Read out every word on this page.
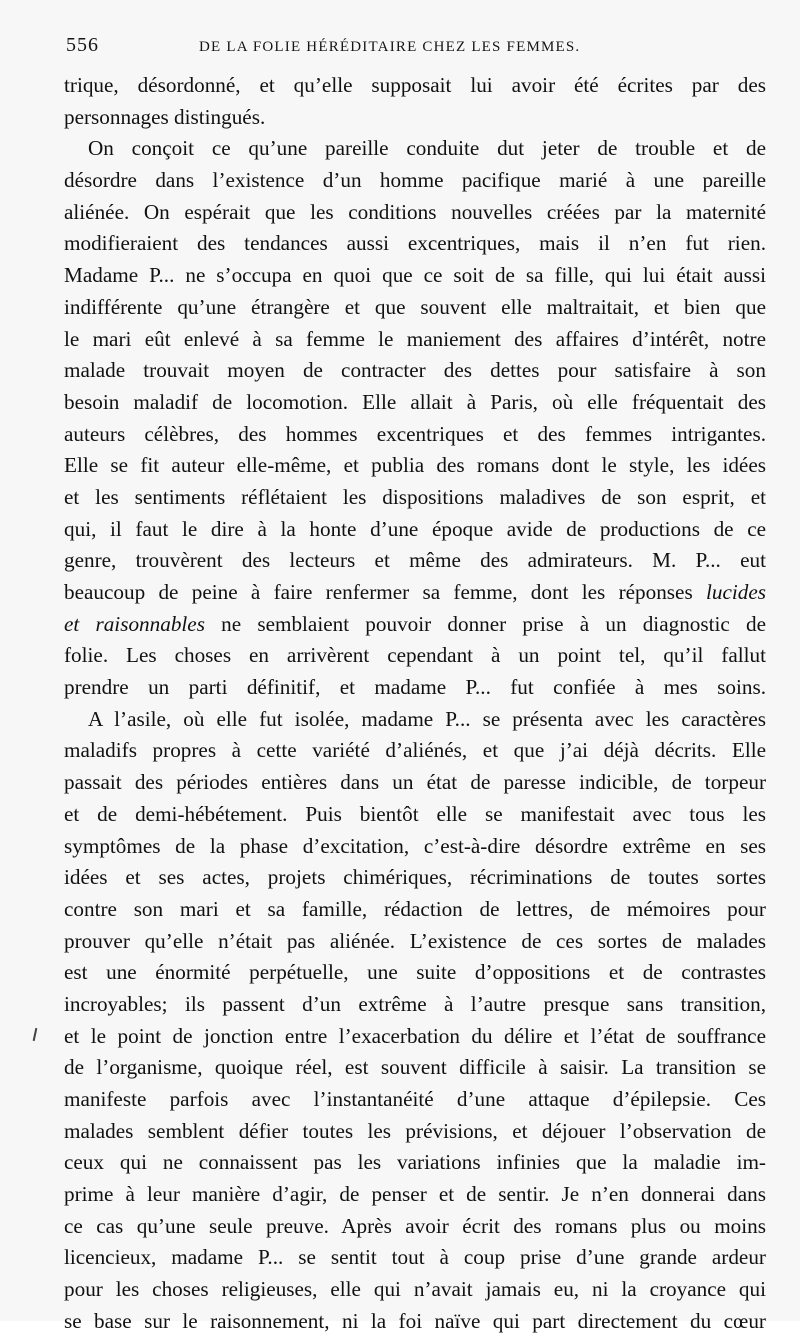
556	DE LA FOLIE HÉRÉDITAIRE CHEZ LES FEMMES.
trique, désordonné, et qu’elle supposait lui avoir été écrites par des
personnages distingués.
On conçoit ce qu’une pareille conduite dut jeter de trouble et de
désordre dans l’existence d’un homme pacifique marié à une pareille
aliénée. On espérait que les conditions nouvelles créées par la maternité
modifieraient des tendances aussi excentriques, mais il n’en fut rien.
Madame P... ne s’occupa en quoi que ce soit de sa fille, qui lui était aussi
indifférente qu’une étrangère et que souvent elle maltraitait, et bien que
le mari eût enlevé à sa femme le maniement des affaires d’intérêt, notre
malade trouvait moyen de contracter des dettes pour satisfaire à son
besoin maladif de locomotion. Elle allait à Paris, où elle fréquentait des
auteurs célèbres, des hommes excentriques et des femmes intrigantes.
Elle se fit auteur elle-même, et publia des romans dont le style, les idées
et les sentiments réflétaient les dispositions maladives de son esprit, et
qui, il faut le dire à la honte d’une époque avide de productions de ce
genre, trouvèrent des lecteurs et même des admirateurs. M. P... eut
beaucoup de peine à faire renfermer sa femme, dont les réponses lucides
et raisonnables ne semblaient pouvoir donner prise à un diagnostic de
folie. Les choses en arrivèrent cependant à un point tel, qu’il fallut
prendre un parti définitif, et madame P... fut confiée à mes soins.
A l’asile, où elle fut isolée, madame P... se présenta avec les caractères
maladifs propres à cette variété d’aliénés, et que j’ai déjà décrits. Elle
passait des périodes entières dans un état de paresse indicible, de torpeur
et de demi-hébétement. Puis bientôt elle se manifestait avec tous les
symptômes de la phase d’excitation, c’est-à-dire désordre extrême en ses
idées et ses actes, projets chimériques, récriminations de toutes sortes
contre son mari et sa famille, rédaction de lettres, de mémoires pour
prouver qu’elle n’était pas aliénée. L’existence de ces sortes de malades
est une énormité perpétuelle, une suite d’oppositions et de contrastes
incroyables; ils passent d’un extrême à l’autre presque sans transition,
et le point de jonction entre l’exacerbation du délire et l’état de souffrance
de l’organisme, quoique réel, est souvent difficile à saisir. La transition se
manifeste parfois avec l’instantanéité d’une attaque d’épilepsie. Ces
malades semblent défier toutes les prévisions, et déjouer l’observation de
ceux qui ne connaissent pas les variations infinies que la maladie im-
prime à leur manière d’agir, de penser et de sentir. Je n’en donnerai dans
ce cas qu’une seule preuve. Après avoir écrit des romans plus ou moins
licencieux, madame P... se sentit tout à coup prise d’une grande ardeur
pour les choses religieuses, elle qui n’avait jamais eu, ni la croyance qui
se base sur le raisonnement, ni la foi naïve qui part directement du cœur
